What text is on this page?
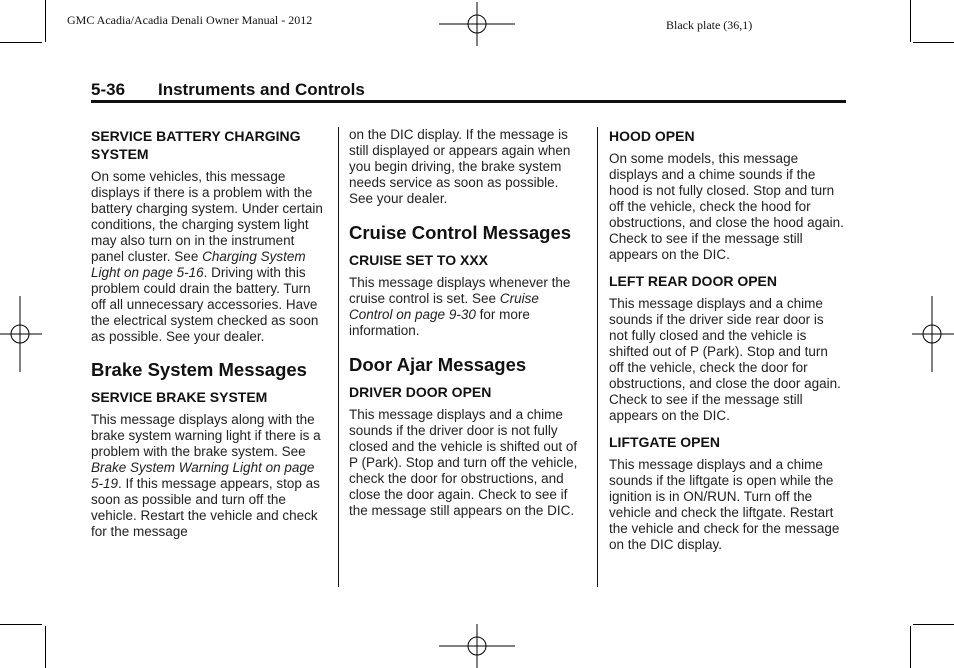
GMC Acadia/Acadia Denali Owner Manual - 2012	Black plate (36,1)
5-36 Instruments and Controls

SERVICE BATTERY CHARGING SYSTEM

On some vehicles, this message displays if there is a problem with the battery charging system. Under certain conditions, the charging system light may also turn on in the instrument panel cluster. See Charging System Light on page 5-16. Driving with this problem could drain the battery. Turn off all unnecessary accessories. Have the electrical system checked as soon as possible. See your dealer.

Brake System Messages

SERVICE BRAKE SYSTEM

This message displays along with the brake system warning light if there is a problem with the brake system. See Brake System Warning Light on page 5-19. If this message appears, stop as soon as possible and turn off the vehicle. Restart the vehicle and check for the message

on the DIC display. If the message is still displayed or appears again when you begin driving, the brake system needs service as soon as possible. See your dealer.

Cruise Control Messages

CRUISE SET TO XXX

This message displays whenever the cruise control is set. See Cruise Control on page 9-30 for more information.

Door Ajar Messages

DRIVER DOOR OPEN

This message displays and a chime sounds if the driver door is not fully closed and the vehicle is shifted out of P (Park). Stop and turn off the vehicle, check the door for obstructions, and close the door again. Check to see if the message still appears on the DIC.

HOOD OPEN

On some models, this message displays and a chime sounds if the hood is not fully closed. Stop and turn off the vehicle, check the hood for obstructions, and close the hood again. Check to see if the message still appears on the DIC.

LEFT REAR DOOR OPEN

This message displays and a chime sounds if the driver side rear door is not fully closed and the vehicle is shifted out of P (Park). Stop and turn off the vehicle, check the door for obstructions, and close the door again. Check to see if the message still appears on the DIC.

LIFTGATE OPEN

This message displays and a chime sounds if the liftgate is open while the ignition is in ON/RUN. Turn off the vehicle and check the liftgate. Restart the vehicle and check for the message on the DIC display.
